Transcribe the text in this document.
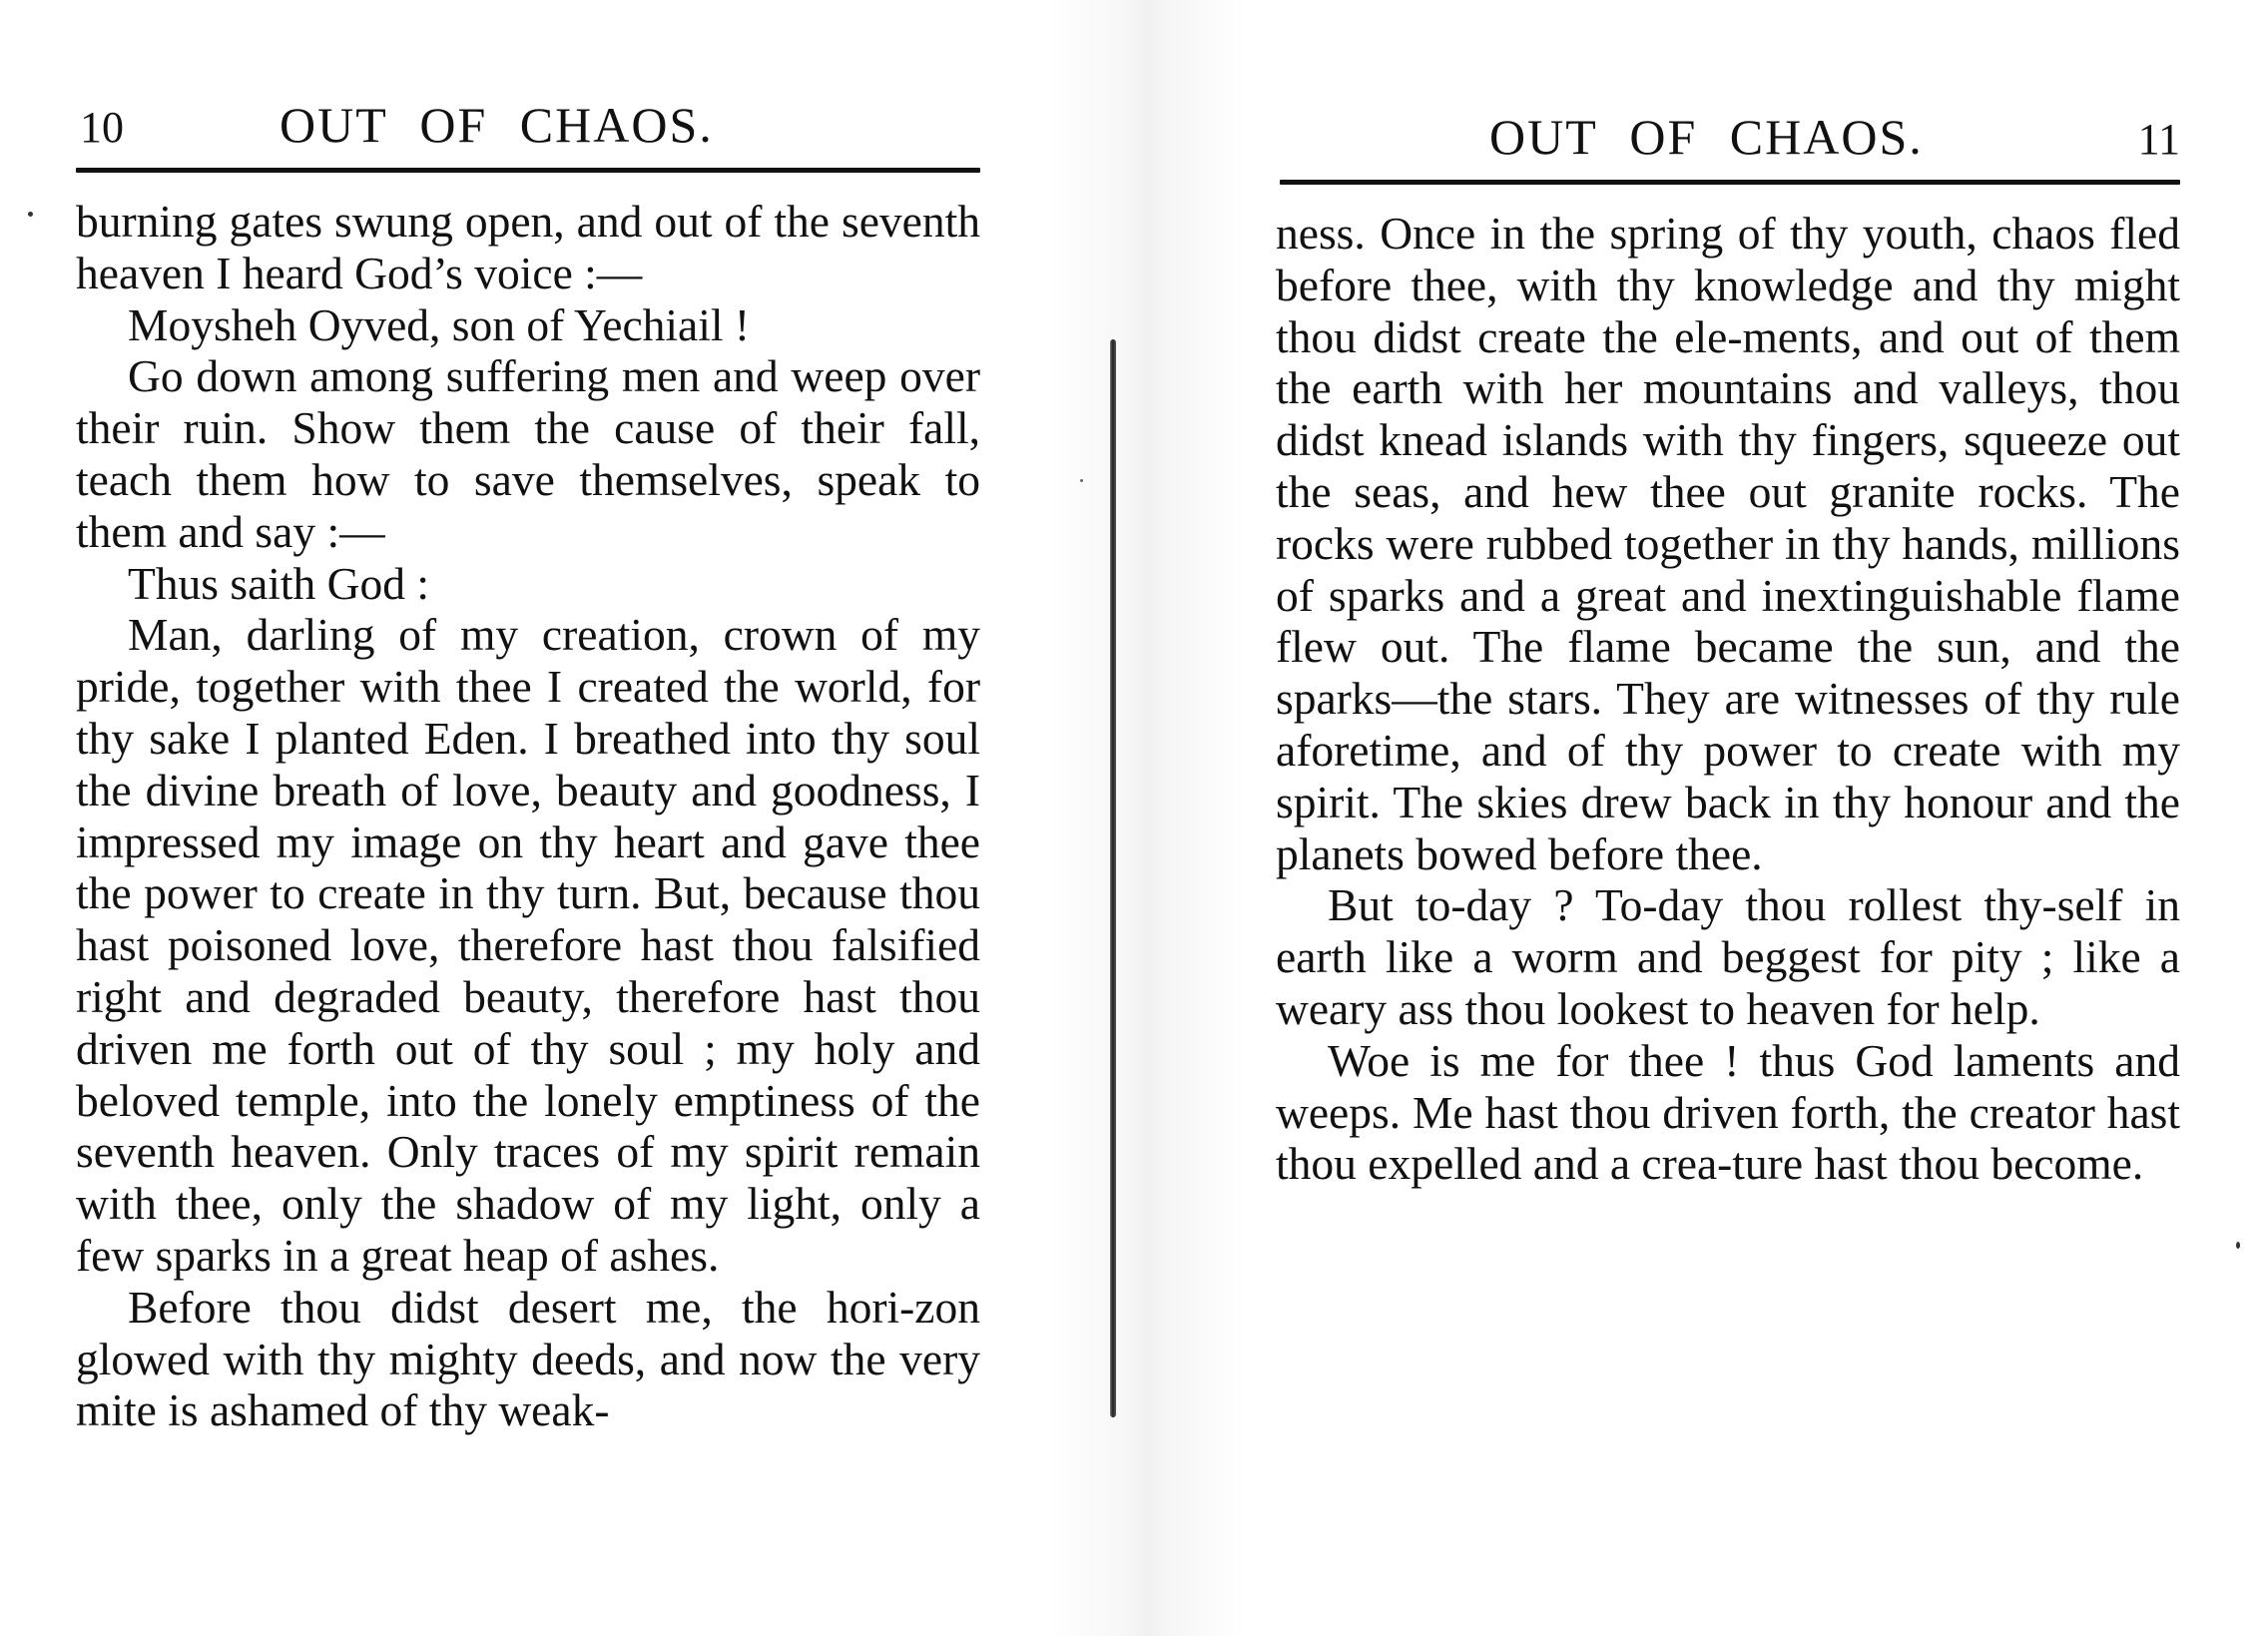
10	OUT OF CHAOS.

burning gates swung open, and out of the seventh heaven I heard God’s voice :—

Moysheh Oyved, son of Yechiail !

Go down among suffering men and weep over their ruin. Show them the cause of their fall, teach them how to save themselves, speak to them and say :—

Thus saith God :

Man, darling of my creation, crown of my pride, together with thee I created the world, for thy sake I planted Eden. I breathed into thy soul the divine breath of love, beauty and goodness, I impressed my image on thy heart and gave thee the power to create in thy turn. But, because thou hast poisoned love, therefore hast thou falsified right and degraded beauty, therefore hast thou driven me forth out of thy soul ; my holy and beloved temple, into the lonely emptiness of the seventh heaven. Only traces of my spirit remain with thee, only the shadow of my light, only a few sparks in a great heap of ashes.

Before thou didst desert me, the hori-zon glowed with thy mighty deeds, and now the very mite is ashamed of thy weak-

OUT OF CHAOS.	11

ness. Once in the spring of thy youth, chaos fled before thee, with thy knowledge and thy might thou didst create the ele-ments, and out of them the earth with her mountains and valleys, thou didst knead islands with thy fingers, squeeze out the seas, and hew thee out granite rocks. The rocks were rubbed together in thy hands, millions of sparks and a great and inextinguishable flame flew out. The flame became the sun, and the sparks—the stars. They are witnesses of thy rule aforetime, and of thy power to create with my spirit. The skies drew back in thy honour and the planets bowed before thee.

But to-day ? To-day thou rollest thy-self in earth like a worm and beggest for pity ; like a weary ass thou lookest to heaven for help.

Woe is me for thee ! thus God laments and weeps. Me hast thou driven forth, the creator hast thou expelled and a crea-ture hast thou become.
